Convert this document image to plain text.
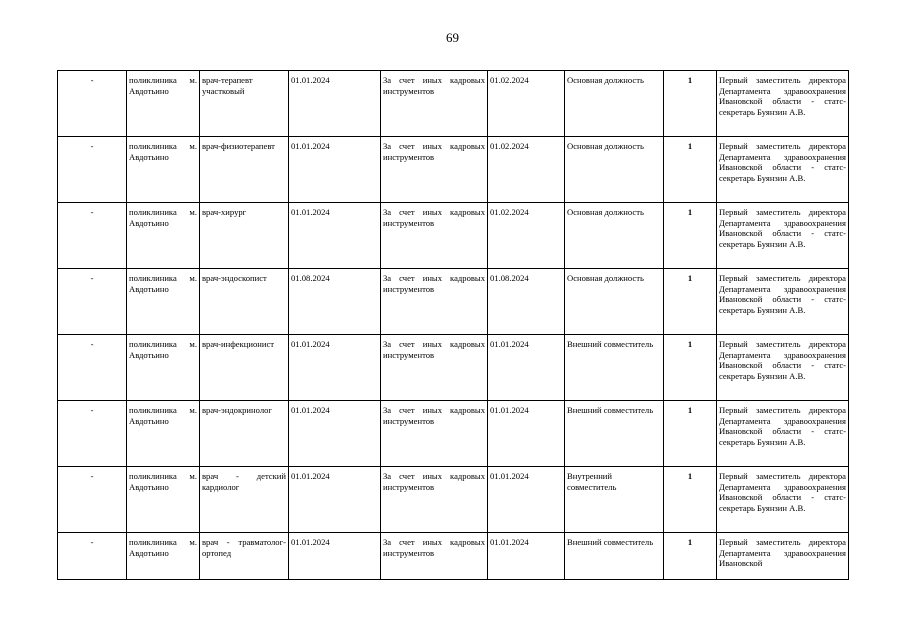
69
-	поликлиника м. Авдотьино	врач-терапевт участковый	01.01.2024	За счет иных кадровых инструментов	01.02.2024	Основная должность	1	Первый заместитель директора Департамента здравоохранения Ивановской области - статс-секретарь Буянзин А.В.
-	поликлиника м. Авдотьино	врач-физиотерапевт	01.01.2024	За счет иных кадровых инструментов	01.02.2024	Основная должность	1	Первый заместитель директора Департамента здравоохранения Ивановской области - статс-секретарь Буянзин А.В.
-	поликлиника м. Авдотьино	врач-хирург	01.01.2024	За счет иных кадровых инструментов	01.02.2024	Основная должность	1	Первый заместитель директора Департамента здравоохранения Ивановской области - статс-секретарь Буянзин А.В.
-	поликлиника м. Авдотьино	врач-эндоскопист	01.08.2024	За счет иных кадровых инструментов	01.08.2024	Основная должность	1	Первый заместитель директора Департамента здравоохранения Ивановской области - статс-секретарь Буянзин А.В.
-	поликлиника м. Авдотьино	врач-инфекционист	01.01.2024	За счет иных кадровых инструментов	01.01.2024	Внешний совместитель	1	Первый заместитель директора Департамента здравоохранения Ивановской области - статс-секретарь Буянзин А.В.
-	поликлиника м. Авдотьино	врач-эндокринолог	01.01.2024	За счет иных кадровых инструментов	01.01.2024	Внешний совместитель	1	Первый заместитель директора Департамента здравоохранения Ивановской области - статс-секретарь Буянзин А.В.
-	поликлиника м. Авдотьино	врач - детский кардиолог	01.01.2024	За счет иных кадровых инструментов	01.01.2024	Внутренний совместитель	1	Первый заместитель директора Департамента здравоохранения Ивановской области - статс-секретарь Буянзин А.В.
-	поликлиника м. Авдотьино	врач - травматолог-ортопед	01.01.2024	За счет иных кадровых инструментов	01.01.2024	Внешний совместитель	1	Первый заместитель директора Департамента здравоохранения Ивановской
